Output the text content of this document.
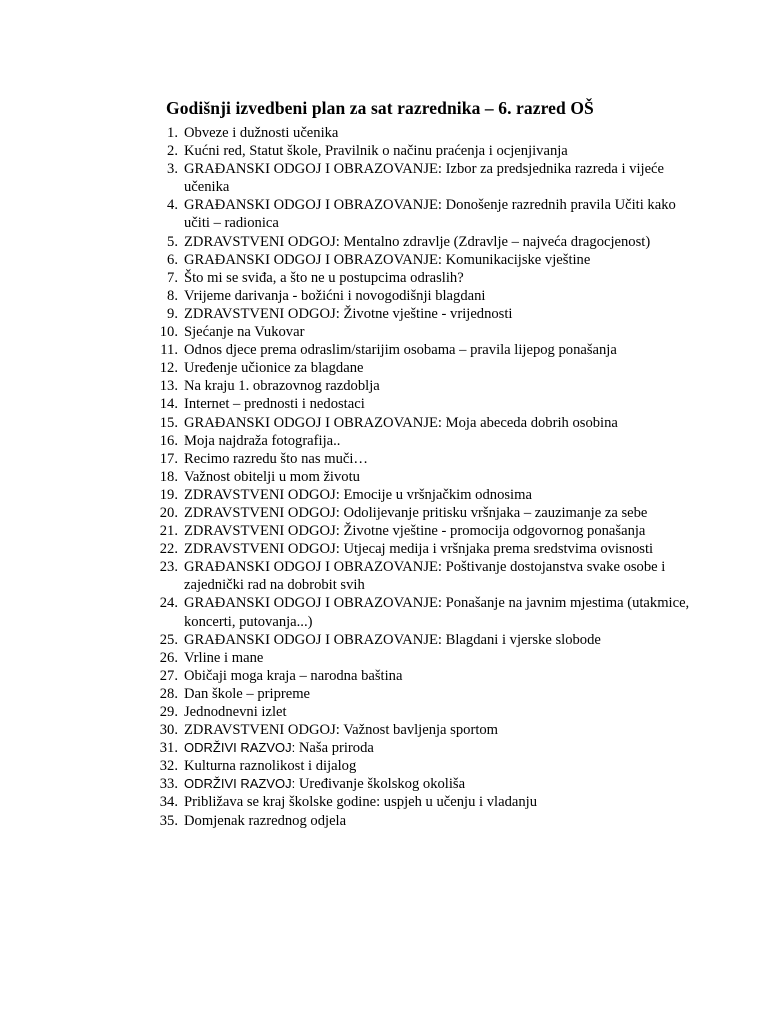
Godišnji izvedbeni plan za sat razrednika – 6. razred OŠ
1. Obveze i dužnosti učenika
2. Kućni red, Statut škole, Pravilnik o načinu praćenja i ocjenjivanja
3. GRAĐANSKI ODGOJ I OBRAZOVANJE: Izbor za predsjednika razreda i vijeće učenika
4. GRAĐANSKI ODGOJ I OBRAZOVANJE: Donošenje razrednih pravila Učiti kako učiti – radionica
5. ZDRAVSTVENI ODGOJ: Mentalno zdravlje (Zdravlje – najveća dragocjenost)
6. GRAĐANSKI ODGOJ I OBRAZOVANJE: Komunikacijske vještine
7. Što mi se sviđa, a što ne u postupcima odraslih?
8. Vrijeme darivanja - božićni i novogodišnji blagdani
9. ZDRAVSTVENI ODGOJ: Životne vještine - vrijednosti
10. Sjećanje na Vukovar
11. Odnos djece prema odraslim/starijim osobama – pravila lijepog ponašanja
12. Uređenje učionice za blagdane
13. Na kraju 1. obrazovnog razdoblja
14. Internet – prednosti i nedostaci
15. GRAĐANSKI ODGOJ I OBRAZOVANJE: Moja abeceda dobrih osobina
16. Moja najdraža fotografija..
17. Recimo razredu što nas muči…
18. Važnost obitelji u mom životu
19. ZDRAVSTVENI ODGOJ: Emocije u vršnjačkim odnosima
20. ZDRAVSTVENI ODGOJ: Odolijevanje pritisku vršnjaka – zauzimanje za sebe
21. ZDRAVSTVENI ODGOJ: Životne vještine - promocija odgovornog ponašanja
22. ZDRAVSTVENI ODGOJ: Utjecaj medija i vršnjaka prema sredstvima ovisnosti
23. GRAĐANSKI ODGOJ I OBRAZOVANJE: Poštivanje dostojanstva svake osobe i zajednički rad na dobrobit svih
24. GRAĐANSKI ODGOJ I OBRAZOVANJE: Ponašanje na javnim mjestima (utakmice, koncerti, putovanja...)
25. GRAĐANSKI ODGOJ I OBRAZOVANJE: Blagdani i vjerske slobode
26. Vrline i mane
27. Običaji moga kraja – narodna baština
28. Dan škole – pripreme
29. Jednodnevni izlet
30. ZDRAVSTVENI ODGOJ: Važnost bavljenja sportom
31. ODRŽIVI RAZVOJ: Naša priroda
32. Kulturna raznolikost i dijalog
33. ODRŽIVI RAZVOJ: Uređivanje školskog okoliša
34. Približava se kraj školske godine: uspjeh u učenju i vladanju
35. Domjenak razrednog odjela
